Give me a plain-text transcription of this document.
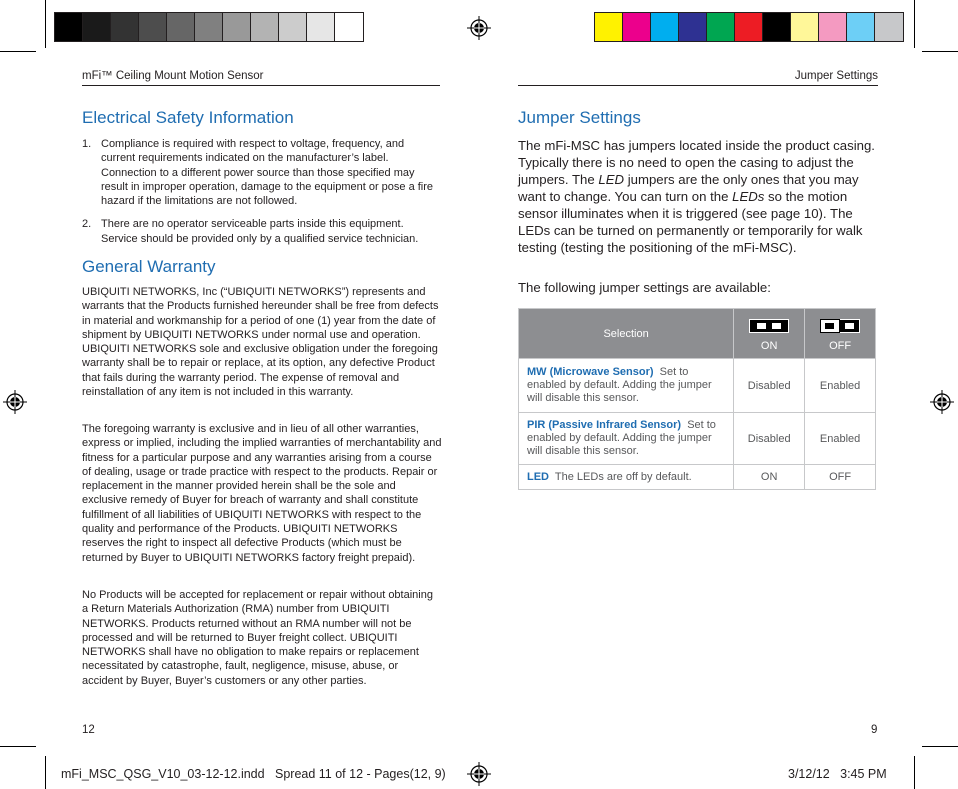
mFi™ Ceiling Mount Motion Sensor
Electrical Safety Information
1. Compliance is required with respect to voltage, frequency, and current requirements indicated on the manufacturer’s label. Connection to a different power source than those specified may result in improper operation, damage to the equipment or pose a fire hazard if the limitations are not followed.
2. There are no operator serviceable parts inside this equipment. Service should be provided only by a qualified service technician.
General Warranty

UBIQUITI NETWORKS, Inc (“UBIQUITI NETWORKS”) represents and warrants that the Products furnished hereunder shall be free from defects in material and workmanship for a period of one (1) year from the date of shipment by UBIQUITI NETWORKS under normal use and operation. UBIQUITI NETWORKS sole and exclusive obligation under the foregoing warranty shall be to repair or replace, at its option, any defective Product that fails during the warranty period. The expense of removal and reinstallation of any item is not included in this warranty.

The foregoing warranty is exclusive and in lieu of all other warranties, express or implied, including the implied warranties of merchantability and fitness for a particular purpose and any warranties arising from a course of dealing, usage or trade practice with respect to the products. Repair or replacement in the manner provided herein shall be the sole and exclusive remedy of Buyer for breach of warranty and shall constitute fulfillment of all liabilities of UBIQUITI NETWORKS with respect to the quality and performance of the Products. UBIQUITI NETWORKS reserves the right to inspect all defective Products (which must be returned by Buyer to UBIQUITI NETWORKS factory freight prepaid).

No Products will be accepted for replacement or repair without obtaining a Return Materials Authorization (RMA) number from UBIQUITI NETWORKS. Products returned without an RMA number will not be processed and will be returned to Buyer freight collect. UBIQUITI NETWORKS shall have no obligation to make repairs or replacement necessitated by catastrophe, fault, negligence, misuse, abuse, or accident by Buyer, Buyer’s customers or any other parties.

12
Jumper Settings
Jumper Settings

The mFi-MSC has jumpers located inside the product casing. Typically there is no need to open the casing to adjust the jumpers. The LED jumpers are the only ones that you may want to change. You can turn on the LEDs so the motion sensor illuminates when it is triggered (see page 10). The LEDs can be turned on permanently or temporarily for walk testing (testing the positioning of the mFi-MSC).

The following jumper settings are available:

Selection	ON	OFF

MW (Microwave Sensor) Set to enabled by default. Adding the jumper will disable this sensor.	Disabled	Enabled
PIR (Passive Infrared Sensor) Set to enabled by default. Adding the jumper will disable this sensor.	Disabled	Enabled
LED The LEDs are off by default.	ON	OFF
9
mFi_MSC_QSG_V10_03-12-12.indd   Spread 11 of 12 - Pages(12, 9)	3/12/12   3:45 PM
